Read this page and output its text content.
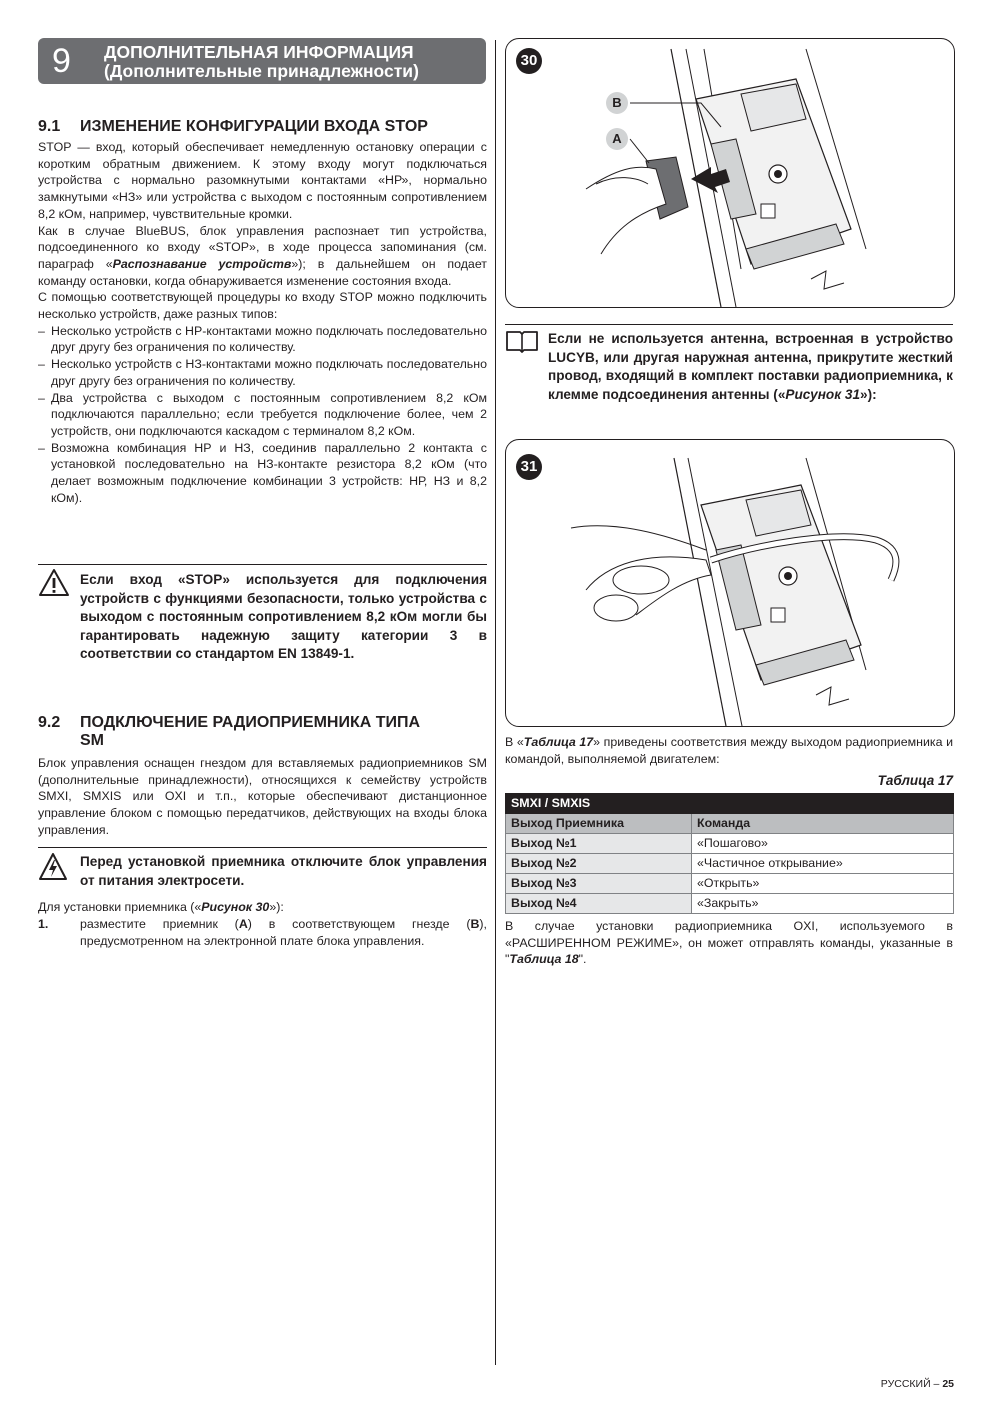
9 ДОПОЛНИТЕЛЬНАЯ ИНФОРМАЦИЯ
(Дополнительные принадлежности)
9.1 ИЗМЕНЕНИЕ КОНФИГУРАЦИИ ВХОДА STOP

STOP — вход, который обеспечивает немедленную остановку операции с коротким обратным движением. К этому входу могут подключаться устройства с нормально разомкнутыми контактами «НР», нормально замкнутыми «НЗ» или устройства с выходом с постоянным сопротивлением 8,2 кОм, например, чувствительные кромки.

Как в случае BlueBUS, блок управления распознает тип устройства, подсоединенного ко входу «STOP», в ходе процесса запоминания (см. параграф «Распознавание устройств»); в дальнейшем он подает команду остановки, когда обнаруживается изменение состояния входа.

С помощью соответствующей процедуры ко входу STOP можно подключить несколько устройств, даже разных типов:

– Несколько устройств с НР-контактами можно подключать последовательно друг другу без ограничения по количеству.

– Несколько устройств с НЗ-контактами можно подключать последовательно друг другу без ограничения по количеству.

– Два устройства с выходом с постоянным сопротивлением 8,2 кОм подключаются параллельно; если требуется подключение более, чем 2 устройств, они подключаются каскадом с терминалом 8,2 кОм.

– Возможна комбинация НР и НЗ, соединив параллельно 2 контакта с установкой последовательно на НЗ-контакте резистора 8,2 кОм (что делает возможным подключение комбинации 3 устройств: НР, НЗ и 8,2 кОм).

Если вход «STOP» используется для подключения устройств с функциями безопасности, только устройства с выходом с постоянным сопротивлением 8,2 кОм могли бы гарантировать надежную защиту категории 3 в соответствии со стандартом EN 13849-1.
9.2 ПОДКЛЮЧЕНИЕ РАДИОПРИЕМНИКА ТИПА
SM
Блок управления оснащен гнездом для вставляемых радиоприемников SM (дополнительные принадлежности), относящихся к семейству устройств SMXI, SMXIS или OXI и т.п., которые обеспечивают дистанционное управление блоком с помощью передатчиков, действующих на входы блока управления.
Перед установкой приемника отключите блок управления от питания электросети.
Для установки приемника («Рисунок 30»):
1.	разместите приемник (A) в соответствующем гнезде (B), предусмотренном на электронной плате блока управления.
30
B
A
Если не используется антенна, встроенная в устройство LUCYB, или другая наружная антенна, прикрутите жесткий провод, входящий в комплект поставки радиоприемника, к клемме подсоединения антенны («Рисунок 31»):
31
В «Таблица 17» приведены соответствия между выходом радиоприемника и командой, выполняемой двигателем:
Таблица 17
SMXI / SMXIS	
Выход Приемника	Команда
Выход №1	«Пошагово»
Выход №2	«Частичное открывание»
Выход №3	«Открыть»
Выход №4	«Закрыть»
В случае установки радиоприемника OXI, используемого в «РАСШИРЕННОМ РЕЖИМЕ», он может отправлять команды, указанные в "Таблица 18".
РУССКИЙ – 25
